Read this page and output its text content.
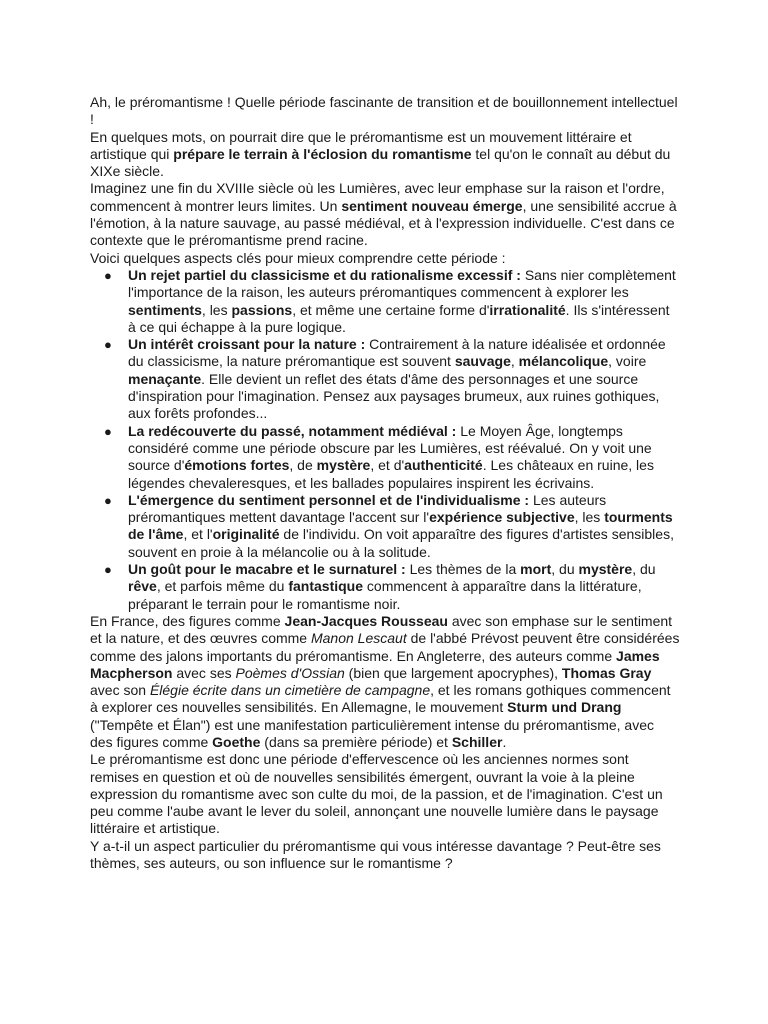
Ah, le préromantisme ! Quelle période fascinante de transition et de bouillonnement intellectuel !

En quelques mots, on pourrait dire que le préromantisme est un mouvement littéraire et artistique qui prépare le terrain à l'éclosion du romantisme tel qu'on le connaît au début du XIXe siècle.

Imaginez une fin du XVIIIe siècle où les Lumières, avec leur emphase sur la raison et l'ordre, commencent à montrer leurs limites. Un sentiment nouveau émerge, une sensibilité accrue à l'émotion, à la nature sauvage, au passé médiéval, et à l'expression individuelle. C'est dans ce contexte que le préromantisme prend racine.

Voici quelques aspects clés pour mieux comprendre cette période :

● Un rejet partiel du classicisme et du rationalisme excessif : Sans nier complètement l'importance de la raison, les auteurs préromantiques commencent à explorer les sentiments, les passions, et même une certaine forme d'irrationalité. Ils s'intéressent à ce qui échappe à la pure logique.
● Un intérêt croissant pour la nature : Contrairement à la nature idéalisée et ordonnée du classicisme, la nature préromantique est souvent sauvage, mélancolique, voire menaçante. Elle devient un reflet des états d'âme des personnages et une source d'inspiration pour l'imagination. Pensez aux paysages brumeux, aux ruines gothiques, aux forêts profondes...
● La redécouverte du passé, notamment médiéval : Le Moyen Âge, longtemps considéré comme une période obscure par les Lumières, est réévalué. On y voit une source d'émotions fortes, de mystère, et d'authenticité. Les châteaux en ruine, les légendes chevaleresques, et les ballades populaires inspirent les écrivains.
● L'émergence du sentiment personnel et de l'individualisme : Les auteurs préromantiques mettent davantage l'accent sur l'expérience subjective, les tourments de l'âme, et l'originalité de l'individu. On voit apparaître des figures d'artistes sensibles, souvent en proie à la mélancolie ou à la solitude.
● Un goût pour le macabre et le surnaturel : Les thèmes de la mort, du mystère, du rêve, et parfois même du fantastique commencent à apparaître dans la littérature, préparant le terrain pour le romantisme noir.

En France, des figures comme Jean-Jacques Rousseau avec son emphase sur le sentiment et la nature, et des œuvres comme Manon Lescaut de l'abbé Prévost peuvent être considérées comme des jalons importants du préromantisme. En Angleterre, des auteurs comme James Macpherson avec ses Poèmes d'Ossian (bien que largement apocryphes), Thomas Gray avec son Élégie écrite dans un cimetière de campagne, et les romans gothiques commencent à explorer ces nouvelles sensibilités. En Allemagne, le mouvement Sturm und Drang ("Tempête et Élan") est une manifestation particulièrement intense du préromantisme, avec des figures comme Goethe (dans sa première période) et Schiller.

Le préromantisme est donc une période d'effervescence où les anciennes normes sont remises en question et où de nouvelles sensibilités émergent, ouvrant la voie à la pleine expression du romantisme avec son culte du moi, de la passion, et de l'imagination. C'est un peu comme l'aube avant le lever du soleil, annonçant une nouvelle lumière dans le paysage littéraire et artistique.

Y a-t-il un aspect particulier du préromantisme qui vous intéresse davantage ? Peut-être ses thèmes, ses auteurs, ou son influence sur le romantisme ?
